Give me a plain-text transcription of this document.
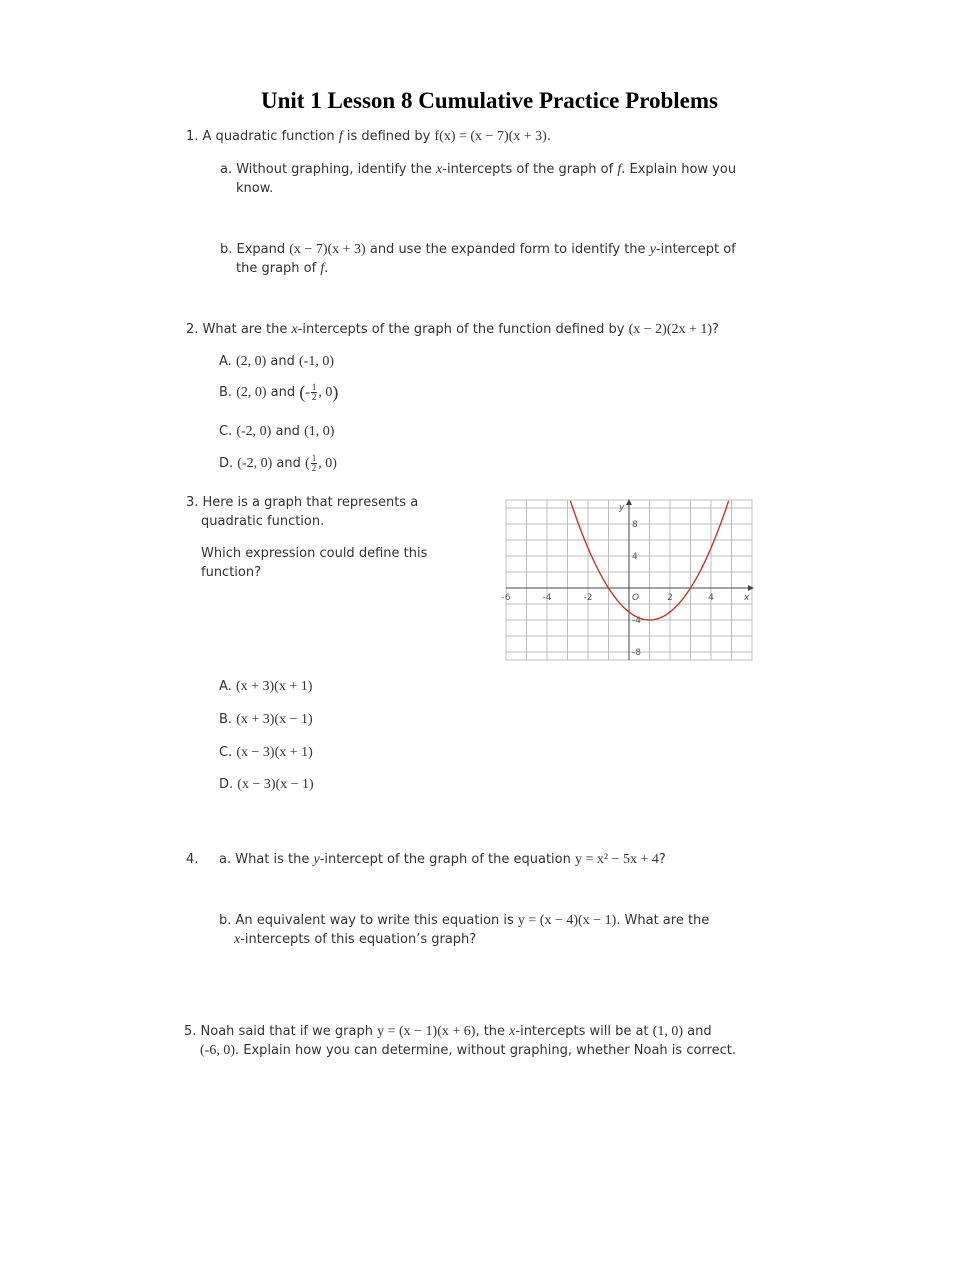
Unit 1 Lesson 8 Cumulative Practice Problems
1. A quadratic function f is defined by f(x) = (x − 7)(x + 3).
a. Without graphing, identify the x-intercepts of the graph of f. Explain how you
know.
b. Expand (x − 7)(x + 3) and use the expanded form to identify the y-intercept of
the graph of f.
2. What are the x-intercepts of the graph of the function defined by (x − 2)(2x + 1)?
A. (2, 0) and (-1, 0)
B. (2, 0) and (- $\frac{1}{2}$ , 0)
C. (-2, 0) and (1, 0)
D. (-2, 0) and ( $\frac{1}{2}$ , 0)
3. Here is a graph that represents a
quadratic function.
Which expression could define this
function?
-6	-4	-2	2	4
8
4
-4
-8
x
y
O
A. (x + 3)(x + 1)
B. (x + 3)(x − 1)
C. (x − 3)(x + 1)
D. (x − 3)(x − 1)
4. a. What is the y-intercept of the graph of the equation y = x² − 5x + 4?
b. An equivalent way to write this equation is y = (x − 4)(x − 1). What are the
x-intercepts of this equation’s graph?
5. Noah said that if we graph y = (x − 1)(x + 6), the x-intercepts will be at (1, 0) and
(-6, 0). Explain how you can determine, without graphing, whether Noah is correct.
